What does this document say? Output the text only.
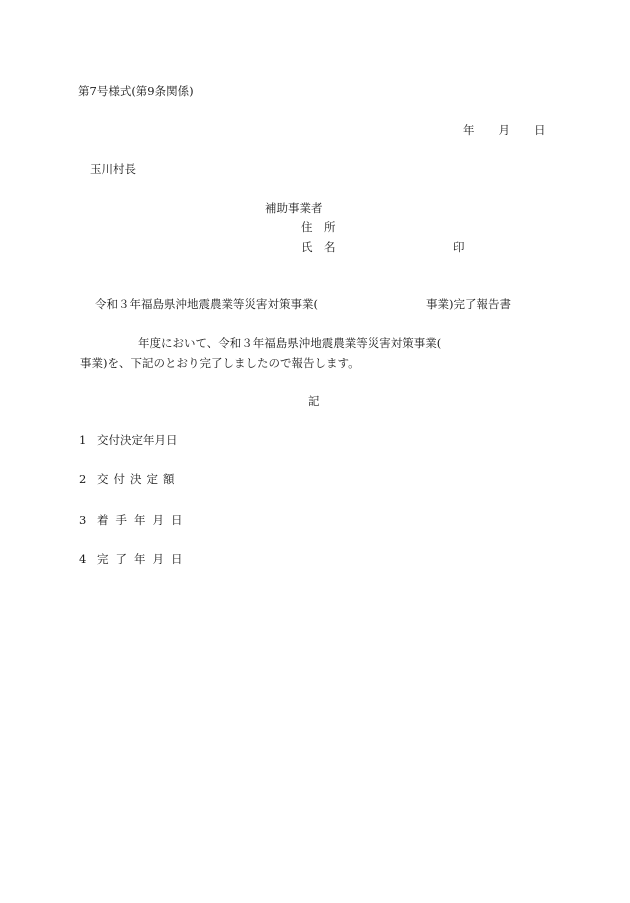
第7号様式(第9条関係)
年 月 日
玉川村長
補助事業者
住　所
氏　名	印
令和３年福島県沖地震農業等災害対策事業(	事業)完了報告書
年度において、令和３年福島県沖地震農業等災害対策事業(
事業)を、下記のとおり完了しましたので報告します。
記
1 交付決定年月日
2 交付決定額
3 着手年月日
4 完了年月日
